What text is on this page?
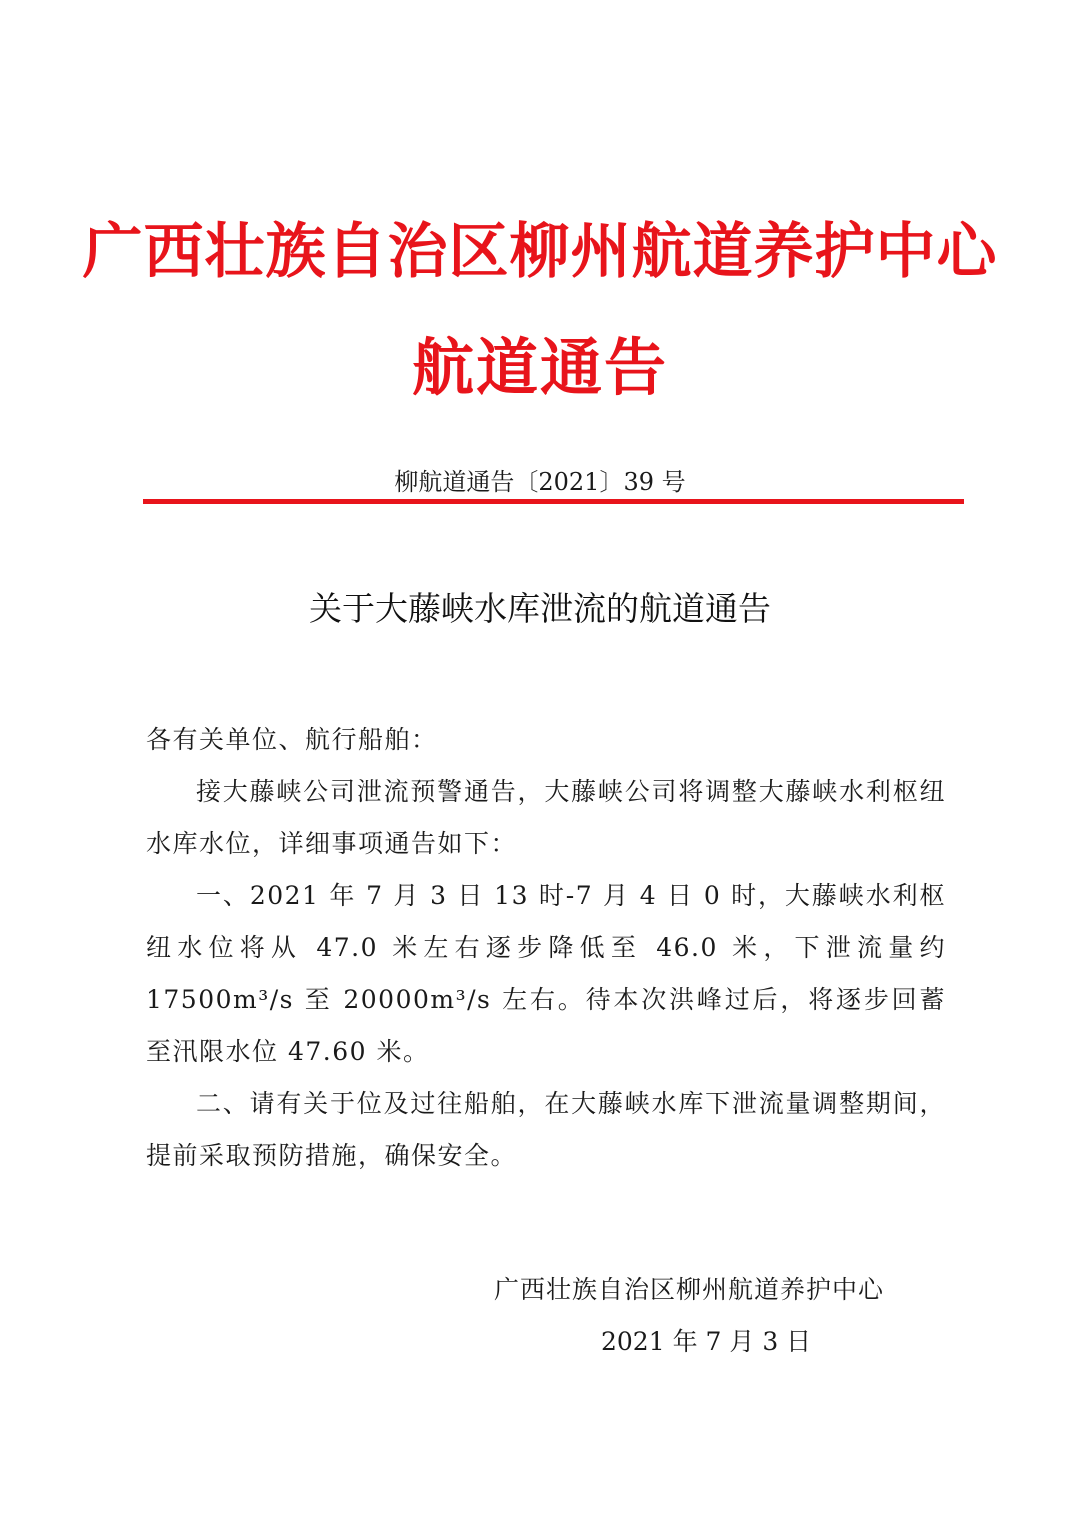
广西壮族自治区柳州航道养护中心
航道通告
柳航道通告〔2021〕39 号
关于大藤峡水库泄流的航道通告

各有关单位、航行船舶：

接大藤峡公司泄流预警通告，大藤峡公司将调整大藤峡水利枢纽水库水位，详细事项通告如下：

一、2021 年 7 月 3 日 13 时-7 月 4 日 0 时，大藤峡水利枢纽水位将从 47.0 米左右逐步降低至 46.0 米，下泄流量约 17500m³/s 至 20000m³/s 左右。待本次洪峰过后，将逐步回蓄至汛限水位 47.60 米。

二、请有关于位及过往船舶，在大藤峡水库下泄流量调整期间，提前采取预防措施，确保安全。

广西壮族自治区柳州航道养护中心
2021 年 7 月 3 日
